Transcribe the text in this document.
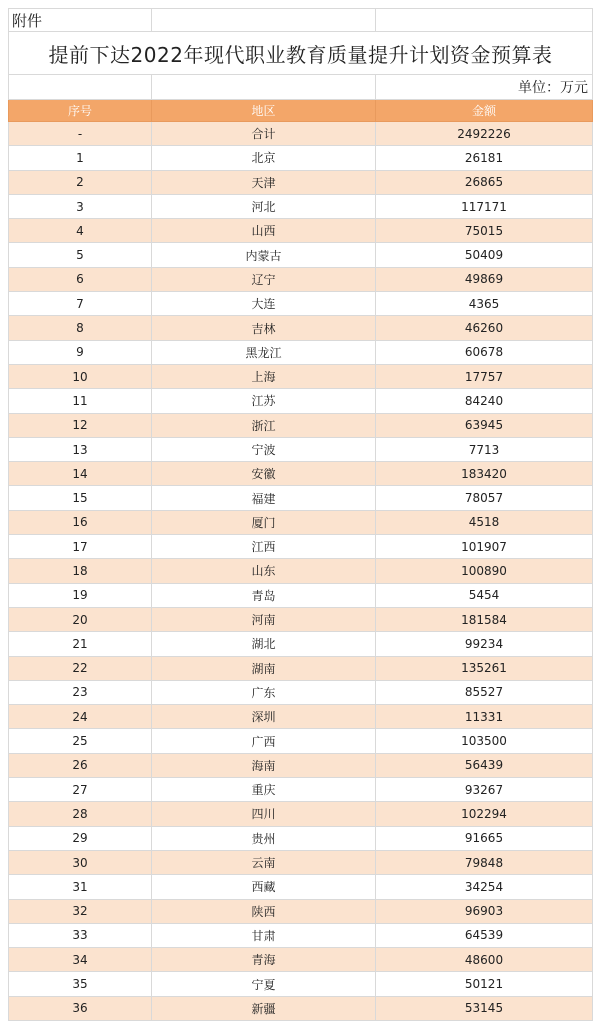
附件		
提前下达2022年现代职业教育质量提升计划资金预算表		
		单位：万元
序号	地区	金额
-	合计	2492226
1	北京	26181
2	天津	26865
3	河北	117171
4	山西	75015
5	内蒙古	50409
6	辽宁	49869
7	大连	4365
8	吉林	46260
9	黑龙江	60678
10	上海	17757
11	江苏	84240
12	浙江	63945
13	宁波	7713
14	安徽	183420
15	福建	78057
16	厦门	4518
17	江西	101907
18	山东	100890
19	青岛	5454
20	河南	181584
21	湖北	99234
22	湖南	135261
23	广东	85527
24	深圳	11331
25	广西	103500
26	海南	56439
27	重庆	93267
28	四川	102294
29	贵州	91665
30	云南	79848
31	西藏	34254
32	陕西	96903
33	甘肃	64539
34	青海	48600
35	宁夏	50121
36	新疆	53145
